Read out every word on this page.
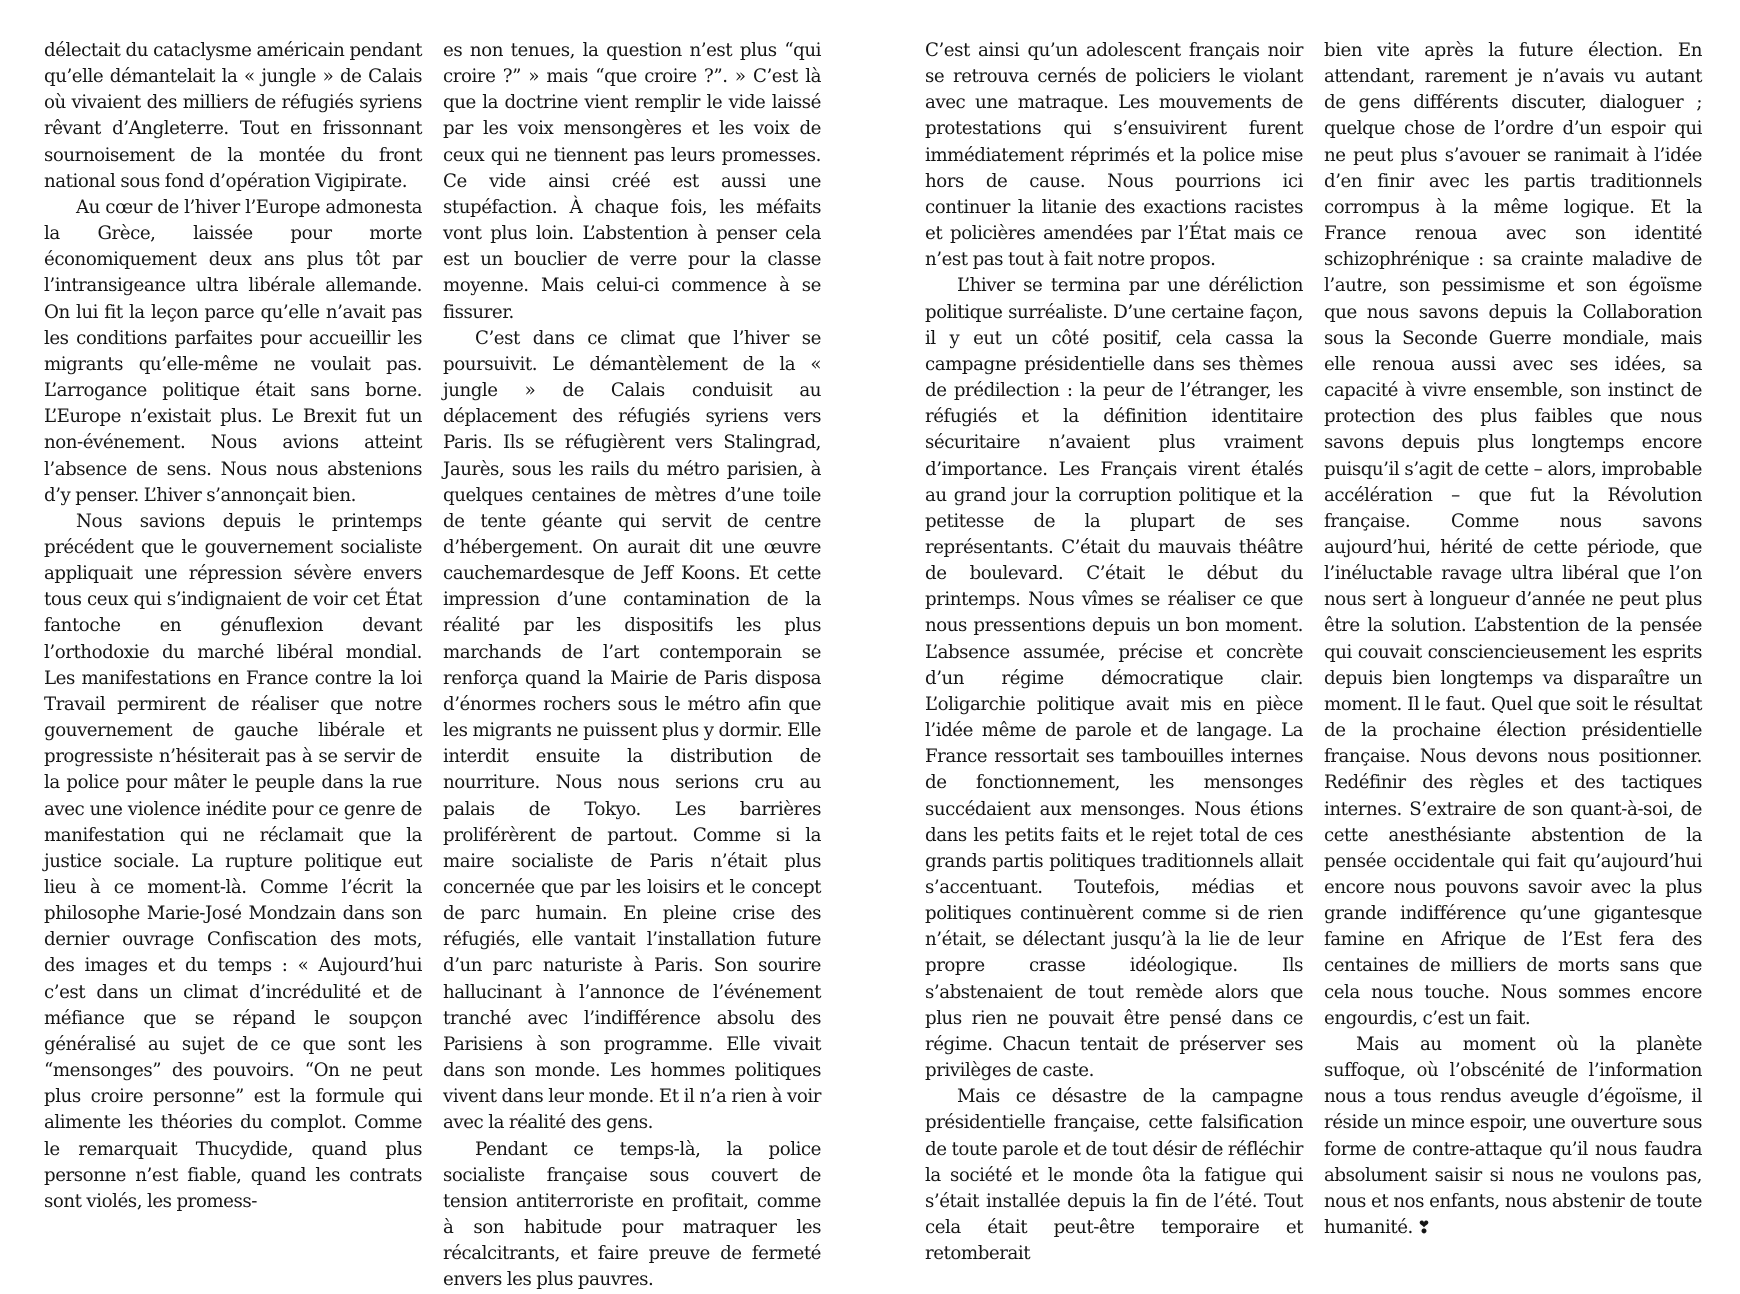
délectait du cataclysme américain pendant qu’elle démantelait la « jungle » de Calais où vivaient des milliers de réfugiés syriens rêvant d’Angleterre. Tout en frissonnant sournoisement de la montée du front national sous fond d’opération Vigipirate.

Au cœur de l’hiver l’Europe admonesta la Grèce, laissée pour morte économiquement deux ans plus tôt par l’intransigeance ultra libérale allemande. On lui fit la leçon parce qu’elle n’avait pas les conditions parfaites pour accueillir les migrants qu’elle-même ne voulait pas. L’arrogance politique était sans borne. L’Europe n’existait plus. Le Brexit fut un non-événement. Nous avions atteint l’absence de sens. Nous nous abstenions d’y penser. L’hiver s’annonçait bien.

Nous savions depuis le printemps précédent que le gouvernement socialiste appliquait une répression sévère envers tous ceux qui s’indignaient de voir cet État fantoche en génuflexion devant l’orthodoxie du marché libéral mondial. Les manifestations en France contre la loi Travail permirent de réaliser que notre gouvernement de gauche libérale et progressiste n’hésiterait pas à se servir de la police pour mâter le peuple dans la rue avec une violence inédite pour ce genre de manifestation qui ne réclamait que la justice sociale. La rupture politique eut lieu à ce moment-là. Comme l’écrit la philosophe Marie-José Mondzain dans son dernier ouvrage Confiscation des mots, des images et du temps : « Aujourd’hui c’est dans un climat d’incrédulité et de méfiance que se répand le soupçon généralisé au sujet de ce que sont les “mensonges” des pouvoirs. “On ne peut plus croire personne” est la formule qui alimente les théories du complot. Comme le remarquait Thucydide, quand plus personne n’est fiable, quand les contrats sont violés, les promess-

es non tenues, la question n’est plus “qui croire ?” » mais “que croire ?”. » C’est là que la doctrine vient remplir le vide laissé par les voix mensongères et les voix de ceux qui ne tiennent pas leurs promesses. Ce vide ainsi créé est aussi une stupéfaction. À chaque fois, les méfaits vont plus loin. L’abstention à penser cela est un bouclier de verre pour la classe moyenne. Mais celui-ci commence à se fissurer.

C’est dans ce climat que l’hiver se poursuivit. Le démantèlement de la « jungle » de Calais conduisit au déplacement des réfugiés syriens vers Paris. Ils se réfugièrent vers Stalingrad, Jaurès, sous les rails du métro parisien, à quelques centaines de mètres d’une toile de tente géante qui servit de centre d’hébergement. On aurait dit une œuvre cauchemardesque de Jeff Koons. Et cette impression d’une contamination de la réalité par les dispositifs les plus marchands de l’art contemporain se renforça quand la Mairie de Paris disposa d’énormes rochers sous le métro afin que les migrants ne puissent plus y dormir. Elle interdit ensuite la distribution de nourriture. Nous nous serions cru au palais de Tokyo. Les barrières proliférèrent de partout. Comme si la maire socialiste de Paris n’était plus concernée que par les loisirs et le concept de parc humain. En pleine crise des réfugiés, elle vantait l’installation future d’un parc naturiste à Paris. Son sourire hallucinant à l’annonce de l’événement tranché avec l’indifférence absolu des Parisiens à son programme. Elle vivait dans son monde. Les hommes politiques vivent dans leur monde. Et il n’a rien à voir avec la réalité des gens.

Pendant ce temps-là, la police socialiste française sous couvert de tension antiterroriste en profitait, comme à son habitude pour matraquer les récalcitrants, et faire preuve de fermeté envers les plus pauvres.

C’est ainsi qu’un adolescent français noir se retrouva cernés de policiers le violant avec une matraque. Les mouvements de protestations qui s’ensuivirent furent immédiatement réprimés et la police mise hors de cause. Nous pourrions ici continuer la litanie des exactions racistes et policières amendées par l’État mais ce n’est pas tout à fait notre propos.

L’hiver se termina par une déréliction politique surréaliste. D’une certaine façon, il y eut un côté positif, cela cassa la campagne présidentielle dans ses thèmes de prédilection : la peur de l’étranger, les réfugiés et la définition identitaire sécuritaire n’avaient plus vraiment d’importance. Les Français virent étalés au grand jour la corruption politique et la petitesse de la plupart de ses représentants. C’était du mauvais théâtre de boulevard. C’était le début du printemps. Nous vîmes se réaliser ce que nous pressentions depuis un bon moment. L’absence assumée, précise et concrète d’un régime démocratique clair. L’oligarchie politique avait mis en pièce l’idée même de parole et de langage. La France ressortait ses tambouilles internes de fonctionnement, les mensonges succédaient aux mensonges. Nous étions dans les petits faits et le rejet total de ces grands partis politiques traditionnels allait s’accentuant. Toutefois, médias et politiques continuèrent comme si de rien n’était, se délectant jusqu’à la lie de leur propre crasse idéologique. Ils s’abstenaient de tout remède alors que plus rien ne pouvait être pensé dans ce régime. Chacun tentait de préserver ses privilèges de caste.

Mais ce désastre de la campagne présidentielle française, cette falsification de toute parole et de tout désir de réfléchir la société et le monde ôta la fatigue qui s’était installée depuis la fin de l’été. Tout cela était peut-être temporaire et retomberait

bien vite après la future élection. En attendant, rarement je n’avais vu autant de gens différents discuter, dialoguer ; quelque chose de l’ordre d’un espoir qui ne peut plus s’avouer se ranimait à l’idée d’en finir avec les partis traditionnels corrompus à la même logique. Et la France renoua avec son identité schizophrénique : sa crainte maladive de l’autre, son pessimisme et son égoïsme que nous savons depuis la Collaboration sous la Seconde Guerre mondiale, mais elle renoua aussi avec ses idées, sa capacité à vivre ensemble, son instinct de protection des plus faibles que nous savons depuis plus longtemps encore puisqu’il s’agit de cette – alors, improbable accélération – que fut la Révolution française. Comme nous savons aujourd’hui, hérité de cette période, que l’inéluctable ravage ultra libéral que l’on nous sert à longueur d’année ne peut plus être la solution. L’abstention de la pensée qui couvait consciencieusement les esprits depuis bien longtemps va disparaître un moment. Il le faut. Quel que soit le résultat de la prochaine élection présidentielle française. Nous devons nous positionner. Redéfinir des règles et des tactiques internes. S’extraire de son quant-à-soi, de cette anesthésiante abstention de la pensée occidentale qui fait qu’aujourd’hui encore nous pouvons savoir avec la plus grande indifférence qu’une gigantesque famine en Afrique de l’Est fera des centaines de milliers de morts sans que cela nous touche. Nous sommes encore engourdis, c’est un fait.

Mais au moment où la planète suffoque, où l’obscénité de l’information nous a tous rendus aveugle d’égoïsme, il réside un mince espoir, une ouverture sous forme de contre-attaque qu’il nous faudra absolument saisir si nous ne voulons pas, nous et nos enfants, nous abstenir de toute humanité. ❣
